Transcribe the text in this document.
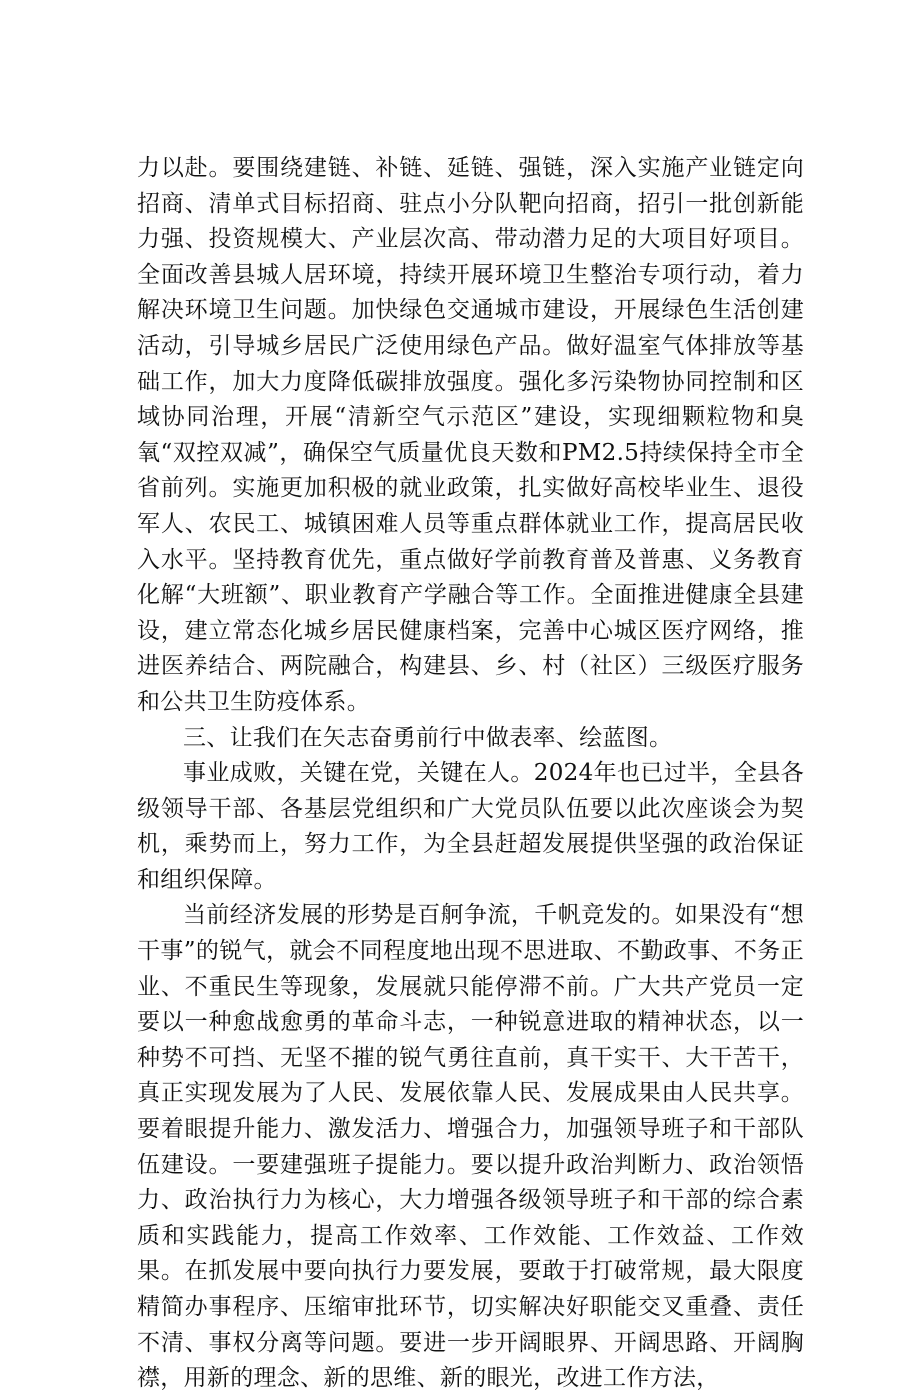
力以赴。要围绕建链、补链、延链、强链，深入实施产业链定向招商、清单式目标招商、驻点小分队靶向招商，招引一批创新能力强、投资规模大、产业层次高、带动潜力足的大项目好项目。全面改善县城人居环境，持续开展环境卫生整治专项行动，着力解决环境卫生问题。加快绿色交通城市建设，开展绿色生活创建活动，引导城乡居民广泛使用绿色产品。做好温室气体排放等基础工作，加大力度降低碳排放强度。强化多污染物协同控制和区域协同治理，开展“清新空气示范区”建设，实现细颗粒物和臭氧“双控双减”，确保空气质量优良天数和PM2.5持续保持全市全省前列。实施更加积极的就业政策，扎实做好高校毕业生、退役军人、农民工、城镇困难人员等重点群体就业工作，提高居民收入水平。坚持教育优先，重点做好学前教育普及普惠、义务教育化解“大班额”、职业教育产学融合等工作。全面推进健康全县建设，建立常态化城乡居民健康档案，完善中心城区医疗网络，推进医养结合、两院融合，构建县、乡、村（社区）三级医疗服务和公共卫生防疫体系。

三、让我们在矢志奋勇前行中做表率、绘蓝图。

事业成败，关键在党，关键在人。2024年也已过半，全县各级领导干部、各基层党组织和广大党员队伍要以此次座谈会为契机，乘势而上，努力工作，为全县赶超发展提供坚强的政治保证和组织保障。

当前经济发展的形势是百舸争流，千帆竞发的。如果没有“想干事”的锐气，就会不同程度地出现不思进取、不勤政事、不务正业、不重民生等现象，发展就只能停滞不前。广大共产党员一定要以一种愈战愈勇的革命斗志，一种锐意进取的精神状态，以一种势不可挡、无坚不摧的锐气勇往直前，真干实干、大干苦干，真正实现发展为了人民、发展依靠人民、发展成果由人民共享。要着眼提升能力、激发活力、增强合力，加强领导班子和干部队伍建设。一要建强班子提能力。要以提升政治判断力、政治领悟力、政治执行力为核心，大力增强各级领导班子和干部的综合素质和实践能力，提高工作效率、工作效能、工作效益、工作效果。在抓发展中要向执行力要发展，要敢于打破常规，最大限度精简办事程序、压缩审批环节，切实解决好职能交叉重叠、责任不清、事权分离等问题。要进一步开阔眼界、开阔思路、开阔胸襟，用新的理念、新的思维、新的眼光，改进工作方法，
